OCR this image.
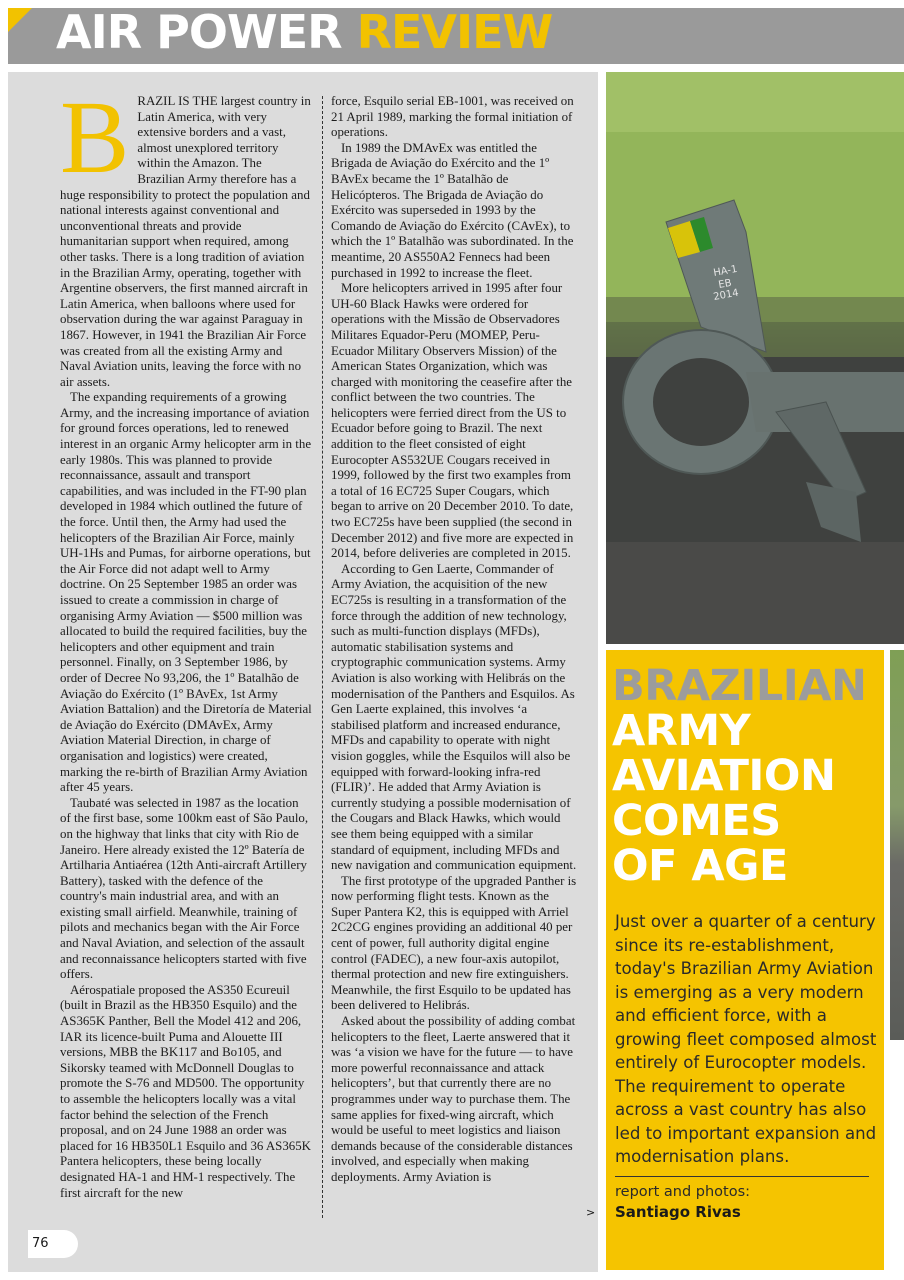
AIR POWER REVIEW
B RAZIL IS THE largest country in Latin America, with very extensive borders and a vast, almost unexplored territory within the Amazon. The Brazilian Army therefore has a huge responsibility to protect the population and national interests against conventional and unconventional threats and provide humanitarian support when required, among other tasks. There is a long tradition of aviation in the Brazilian Army, operating, together with Argentine observers, the first manned aircraft in Latin America, when balloons where used for observation during the war against Paraguay in 1867. However, in 1941 the Brazilian Air Force was created from all the existing Army and Naval Aviation units, leaving the force with no air assets.

The expanding requirements of a growing Army, and the increasing importance of aviation for ground forces operations, led to renewed interest in an organic Army helicopter arm in the early 1980s. This was planned to provide reconnaissance, assault and transport capabilities, and was included in the FT-90 plan developed in 1984 which outlined the future of the force. Until then, the Army had used the helicopters of the Brazilian Air Force, mainly UH-1Hs and Pumas, for airborne operations, but the Air Force did not adapt well to Army doctrine. On 25 September 1985 an order was issued to create a commission in charge of organising Army Aviation — $500 million was allocated to build the required facilities, buy the helicopters and other equipment and train personnel. Finally, on 3 September 1986, by order of Decree No 93,206, the 1º Batalhão de Aviação do Exército (1º BAvEx, 1st Army Aviation Battalion) and the Diretoría de Material de Aviação do Exército (DMAvEx, Army Aviation Material Direction, in charge of organisation and logistics) were created, marking the re-birth of Brazilian Army Aviation after 45 years.

Taubaté was selected in 1987 as the location of the first base, some 100km east of São Paulo, on the highway that links that city with Rio de Janeiro. Here already existed the 12º Batería de Artilharia Antiaérea (12th Anti-aircraft Artillery Battery), tasked with the defence of the country's main industrial area, and with an existing small airfield. Meanwhile, training of pilots and mechanics began with the Air Force and Naval Aviation, and selection of the assault and reconnaissance helicopters started with five offers.

Aérospatiale proposed the AS350 Ecureuil (built in Brazil as the HB350 Esquilo) and the AS365K Panther, Bell the Model 412 and 206, IAR its licence-built Puma and Alouette III versions, MBB the BK117 and Bo105, and Sikorsky teamed with McDonnell Douglas to promote the S-76 and MD500. The opportunity to assemble the helicopters locally was a vital factor behind the selection of the French proposal, and on 24 June 1988 an order was placed for 16 HB350L1 Esquilo and 36 AS365K Pantera helicopters, these being locally designated HA-1 and HM-1 respectively. The first aircraft for the new

force, Esquilo serial EB-1001, was received on 21 April 1989, marking the formal initiation of operations.

In 1989 the DMAvEx was entitled the Brigada de Aviação do Exército and the 1º BAvEx became the 1º Batalhão de Helicópteros. The Brigada de Aviação do Exército was superseded in 1993 by the Comando de Aviação do Exército (CAvEx), to which the 1º Batalhão was subordinated. In the meantime, 20 AS550A2 Fennecs had been purchased in 1992 to increase the fleet.

More helicopters arrived in 1995 after four UH-60 Black Hawks were ordered for operations with the Missão de Observadores Militares Equador-Peru (MOMEP, Peru-Ecuador Military Observers Mission) of the American States Organization, which was charged with monitoring the ceasefire after the conflict between the two countries. The helicopters were ferried direct from the US to Ecuador before going to Brazil. The next addition to the fleet consisted of eight Eurocopter AS532UE Cougars received in 1999, followed by the first two examples from a total of 16 EC725 Super Cougars, which began to arrive on 20 December 2010. To date, two EC725s have been supplied (the second in December 2012) and five more are expected in 2014, before deliveries are completed in 2015.

According to Gen Laerte, Commander of Army Aviation, the acquisition of the new EC725s is resulting in a transformation of the force through the addition of new technology, such as multi-function displays (MFDs), automatic stabilisation systems and cryptographic communication systems. Army Aviation is also working with Helibrás on the modernisation of the Panthers and Esquilos. As Gen Laerte explained, this involves ‘a stabilised platform and increased endurance, MFDs and capability to operate with night vision goggles, while the Esquilos will also be equipped with forward-looking infra-red (FLIR)’. He added that Army Aviation is currently studying a possible modernisation of the Cougars and Black Hawks, which would see them being equipped with a similar standard of equipment, including MFDs and new navigation and communication equipment.

The first prototype of the upgraded Panther is now performing flight tests. Known as the Super Pantera K2, this is equipped with Arriel 2C2CG engines providing an additional 40 per cent of power, full authority digital engine control (FADEC), a new four-axis autopilot, thermal protection and new fire extinguishers. Meanwhile, the first Esquilo to be updated has been delivered to Helibrás.

Asked about the possibility of adding combat helicopters to the fleet, Laerte answered that it was ‘a vision we have for the future — to have more powerful reconnaissance and attack helicopters’, but that currently there are no programmes under way to purchase them. The same applies for fixed-wing aircraft, which would be useful to meet logistics and liaison demands because of the considerable distances involved, and especially when making deployments. Army Aviation is

>
76
HA-1
EB
2014
BRAZILIAN
ARMY
AVIATION
COMES
OF AGE
Just over a quarter of a century since its re-establishment, today's Brazilian Army Aviation is emerging as a very modern and efficient force, with a growing fleet composed almost entirely of Eurocopter models. The requirement to operate across a vast country has also led to important expansion and modernisation plans.
report and photos:
Santiago Rivas
